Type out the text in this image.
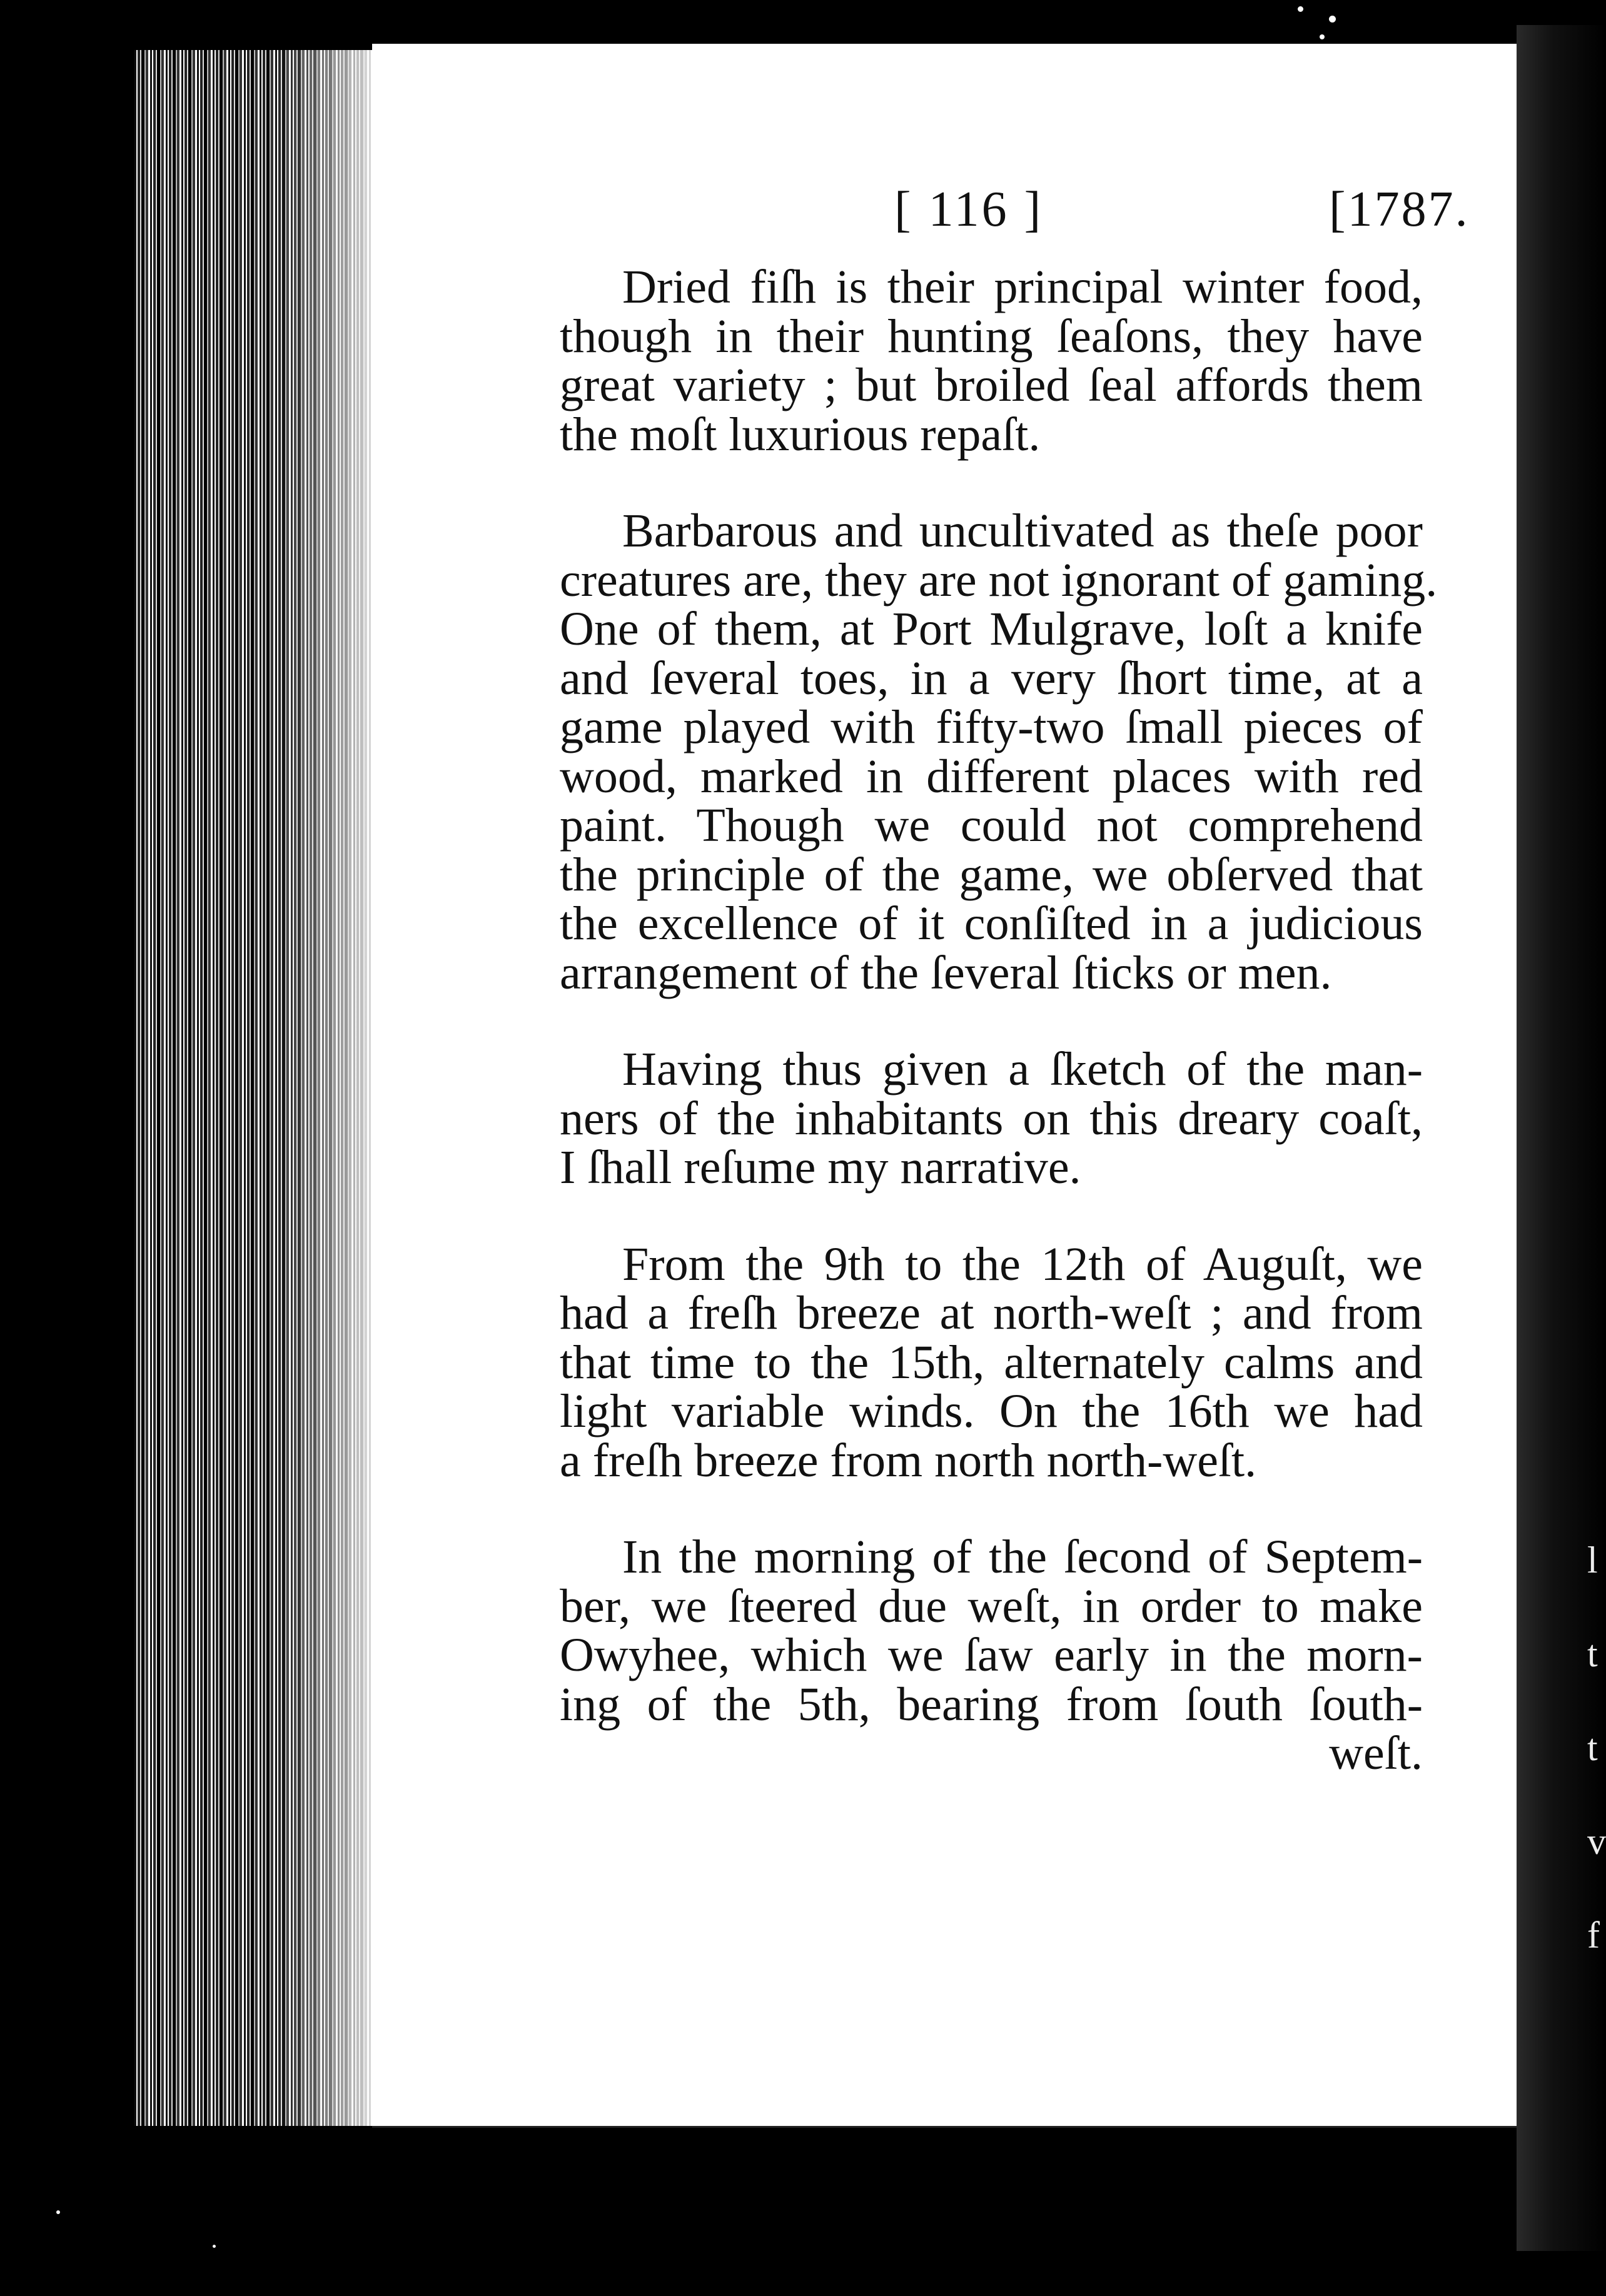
l
t
t
v
f
[ 116 ]	[1787.
Dried fiſh is their principal winter food,
though in their hunting ſeaſons, they have
great variety ; but broiled ſeal affords them
the moſt luxurious repaſt.
Barbarous and uncultivated as theſe poor
creatures are, they are not ignorant of gaming.
One of them, at Port Mulgrave, loſt a knife
and ſeveral toes, in a very ſhort time, at a
game played with fifty-two ſmall pieces of
wood, marked in different places with red
paint. Though we could not comprehend
the principle of the game, we obſerved that
the excellence of it conſiſted in a judicious
arrangement of the ſeveral ſticks or men.
Having thus given a ſketch of the man-
ners of the inhabitants on this dreary coaſt,
I ſhall reſume my narrative.
From the 9th to the 12th of Auguſt, we
had a freſh breeze at north-weſt ; and from
that time to the 15th, alternately calms and
light variable winds. On the 16th we had
a freſh breeze from north north-weſt.
In the morning of the ſecond of Septem-
ber, we ſteered due weſt, in order to make
Owyhee, which we ſaw early in the morn-
ing of the 5th, bearing from ſouth ſouth-
weſt.
